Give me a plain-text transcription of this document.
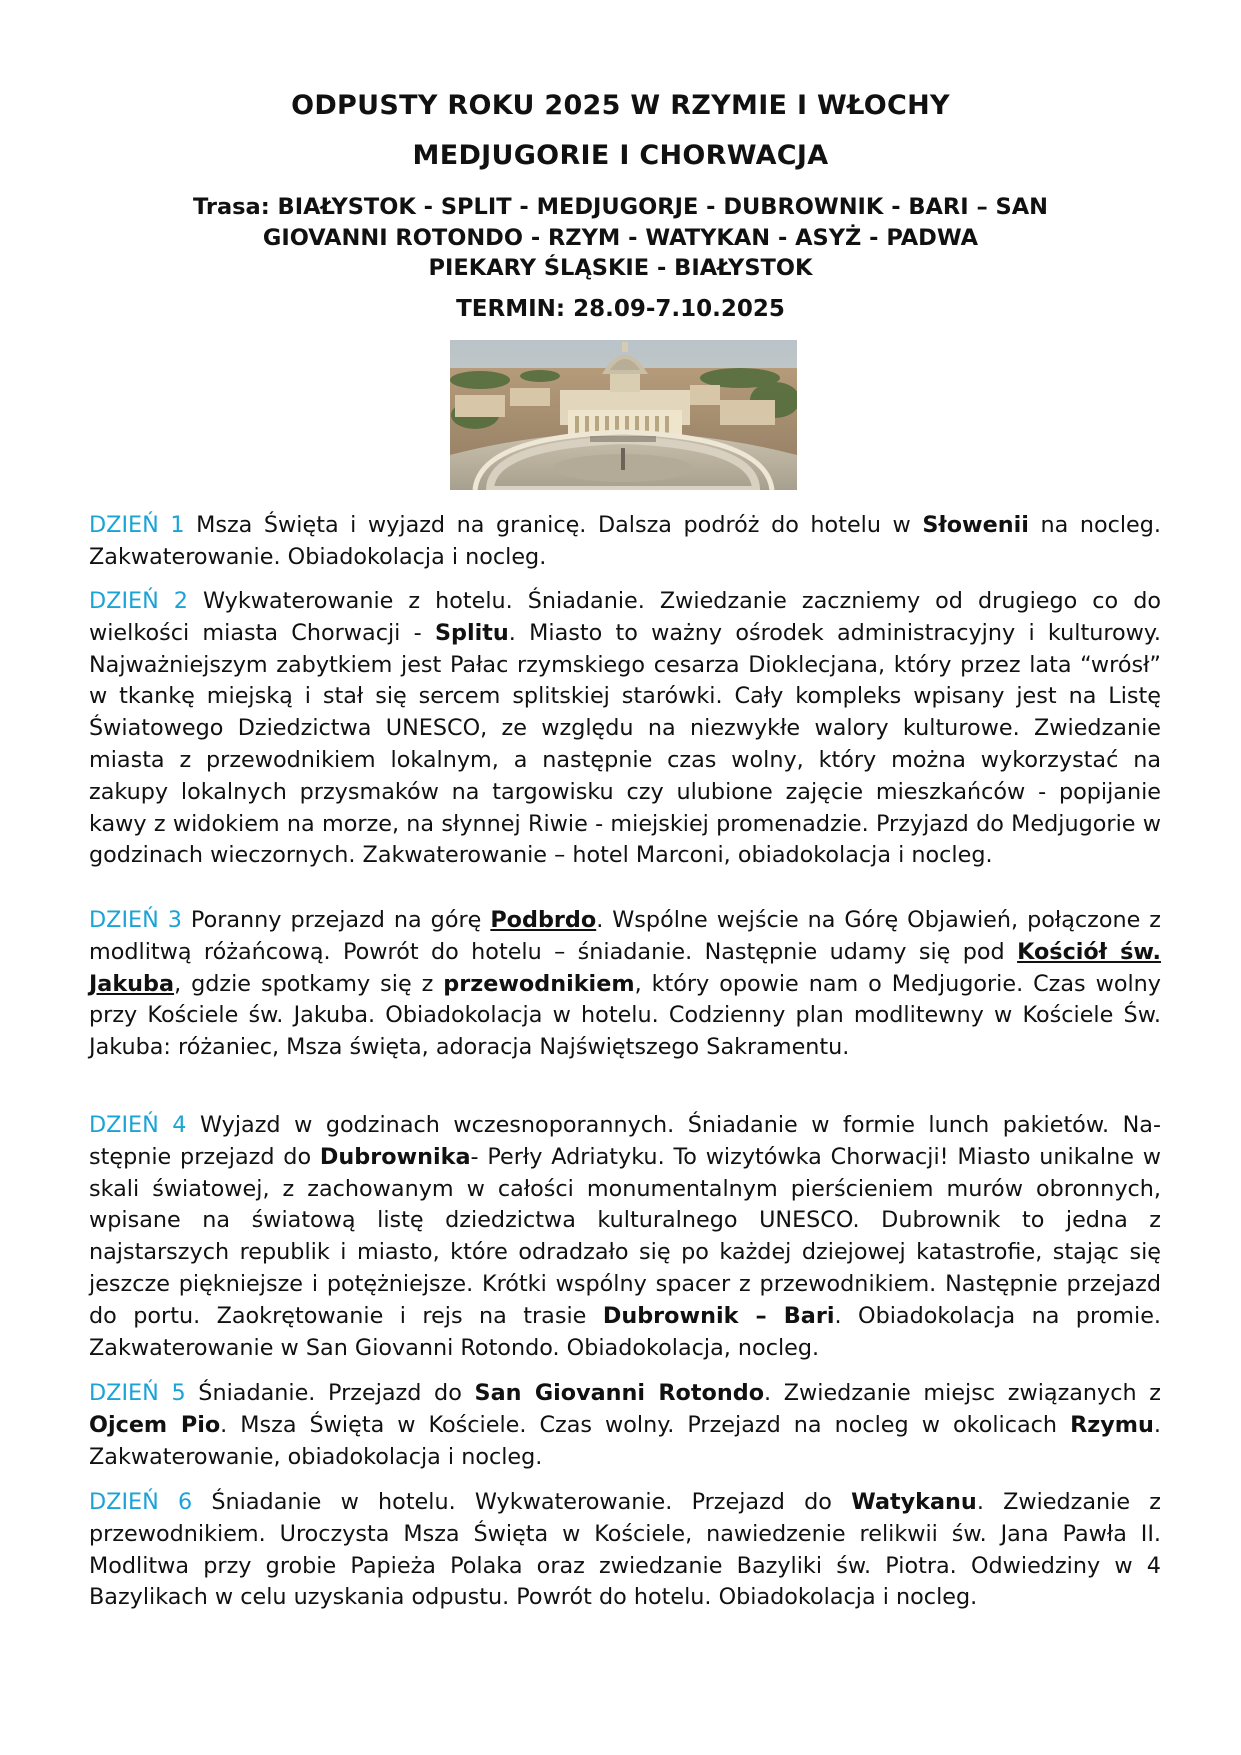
ODPUSTY ROKU 2025 W RZYMIE I WŁOCHY
MEDJUGORIE I CHORWACJA
Trasa: BIAŁYSTOK - SPLIT - MEDJUGORJE - DUBROWNIK - BARI – SAN
GIOVANNI ROTONDO - RZYM - WATYKAN - ASYŻ - PADWA
PIEKARY ŚLĄSKIE - BIAŁYSTOK
TERMIN: 28.09-7.10.2025
DZIEŃ 1 Msza Święta i wyjazd na granicę. Dalsza podróż do hotelu w Słowenii na nocleg. Zakwaterowanie. Obiadokolacja i nocleg.
DZIEŃ 2 Wykwaterowanie z hotelu. Śniadanie. Zwiedzanie zaczniemy od drugiego co do wielkości miasta Chorwacji - Splitu. Miasto to ważny ośrodek administracyjny i kulturowy. Najważniejszym zabytkiem jest Pałac rzymskiego cesarza Dioklecjana, który przez lata “wrósł” w tkankę miejską i stał się sercem splitskiej starówki. Cały kompleks wpisany jest na Listę Światowego Dziedzictwa UNESCO, ze względu na niezwykłe walory kulturowe. Zwiedzanie miasta z przewodnikiem lokalnym, a następnie czas wolny, który można wykorzystać na zakupy lokalnych przysmaków na targowisku czy ulubione zajęcie mieszkańców - popijanie kawy z widokiem na morze, na słynnej Riwie - miejskiej promenadzie. Przyjazd do Medjugorie w godzinach wieczornych. Zakwaterowanie – hotel Marconi, obiadokolacja i nocleg.
DZIEŃ 3 Poranny przejazd na górę Podbrdo. Wspólne wejście na Górę Objawień, połączone z modlitwą różańcową. Powrót do hotelu – śniadanie. Następnie udamy się pod Kościół św. Jakuba, gdzie spotkamy się z przewodnikiem, który opowie nam o Medjugorie. Czas wolny przy Kościele św. Jakuba. Obiadokolacja w hotelu. Codzienny plan modlitewny w Kościele Św. Jakuba: różaniec, Msza święta, adoracja Najświętszego Sakramentu.
DZIEŃ 4 Wyjazd w godzinach wczesnoporannych. Śniadanie w formie lunch pakietów. Następnie przejazd do Dubrownika- Perły Adriatyku. To wizytówka Chorwacji! Miasto unikalne w skali światowej, z zachowanym w całości monumentalnym pierścieniem murów obronnych, wpisane na światową listę dziedzictwa kulturalnego UNESCO. Dubrownik to jedna z najstarszych republik i miasto, które odradzało się po każdej dziejowej katastrofie, stając się jeszcze piękniejsze i potężniejsze. Krótki wspólny spacer z przewodnikiem. Następnie przejazd do portu. Zaokrętowanie i rejs na trasie Dubrownik – Bari. Obiadokolacja na promie. Zakwaterowanie w San Giovanni Rotondo. Obiadokolacja, nocleg.
DZIEŃ 5 Śniadanie. Przejazd do San Giovanni Rotondo. Zwiedzanie miejsc związanych z Ojcem Pio. Msza Święta w Kościele. Czas wolny. Przejazd na nocleg w okolicach Rzymu. Zakwaterowanie, obiadokolacja i nocleg.
DZIEŃ 6 Śniadanie w hotelu. Wykwaterowanie. Przejazd do Watykanu. Zwiedzanie z przewodnikiem. Uroczysta Msza Święta w Kościele, nawiedzenie relikwii św. Jana Pawła II. Modlitwa przy grobie Papieża Polaka oraz zwiedzanie Bazyliki św. Piotra. Odwiedziny w 4 Bazylikach w celu uzyskania odpustu. Powrót do hotelu. Obiadokolacja i nocleg.
